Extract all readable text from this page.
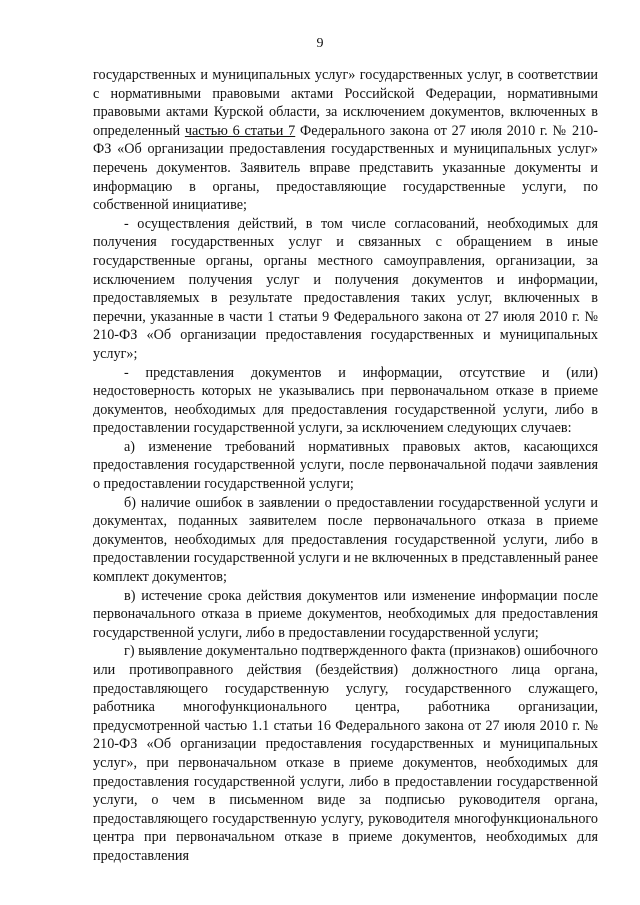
9

государственных и муниципальных услуг» государственных услуг, в соответствии с нормативными правовыми актами Российской Федерации, нормативными правовыми актами Курской области, за исключением документов, включенных в определенный частью 6 статьи 7 Федерального закона от 27 июля 2010 г. № 210-ФЗ «Об организации предоставления государственных и муниципальных услуг» перечень документов. Заявитель вправе представить указанные документы и информацию в органы, предоставляющие государственные услуги, по собственной инициативе;

- осуществления действий, в том числе согласований, необходимых для получения государственных услуг и связанных с обращением в иные государственные органы, органы местного самоуправления, организации, за исключением получения услуг и получения документов и информации, предоставляемых в результате предоставления таких услуг, включенных в перечни, указанные в части 1 статьи 9 Федерального закона от 27 июля 2010 г. № 210-ФЗ «Об организации предоставления государственных и муниципальных услуг»;

- представления документов и информации, отсутствие и (или) недостоверность которых не указывались при первоначальном отказе в приеме документов, необходимых для предоставления государственной услуги, либо в предоставлении государственной услуги, за исключением следующих случаев:

а) изменение требований нормативных правовых актов, касающихся предоставления государственной услуги, после первоначальной подачи заявления о предоставлении государственной услуги;

б) наличие ошибок в заявлении о предоставлении государственной услуги и документах, поданных заявителем после первоначального отказа в приеме документов, необходимых для предоставления государственной услуги, либо в предоставлении государственной услуги и не включенных в представленный ранее комплект документов;

в) истечение срока действия документов или изменение информации после первоначального отказа в приеме документов, необходимых для предоставления государственной услуги, либо в предоставлении государственной услуги;

г) выявление документально подтвержденного факта (признаков) ошибочного или противоправного действия (бездействия) должностного лица органа, предоставляющего государственную услугу, государственного служащего, работника многофункционального центра, работника организации, предусмотренной частью 1.1 статьи 16 Федерального закона от 27 июля 2010 г. № 210-ФЗ «Об организации предоставления государственных и муниципальных услуг», при первоначальном отказе в приеме документов, необходимых для предоставления государственной услуги, либо в предоставлении государственной услуги, о чем в письменном виде за подписью руководителя органа, предоставляющего государственную услугу, руководителя многофункционального центра при первоначальном отказе в приеме документов, необходимых для предоставления
